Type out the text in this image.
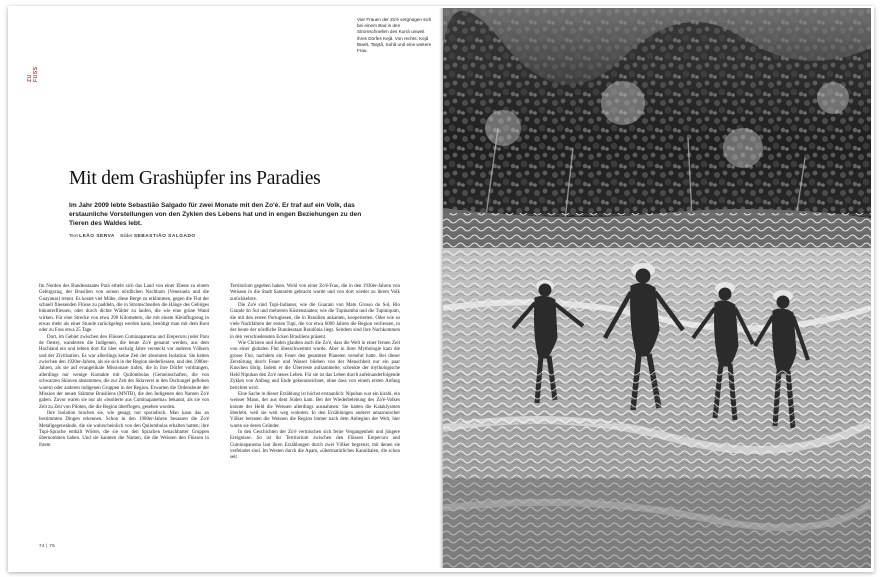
ZU FUSS
Mit dem Grashüpfer ins Paradies

Im Jahr 2009 lebte Sebastião Salgado für zwei Monate mit den Zo'é. Er traf auf ein Volk, das erstaunliche Vorstellungen von den Zyklen des Lebens hat und in engen Beziehungen zu den Tieren des Waldes lebt.

Text LEÃO SERVA Bilder SEBASTIÃO SALGADO

Im Norden des Bundesstaates Pará erhebt sich das Land von einer Ebene zu einem Gebirgszug, der Brasilien von seinen nördlichen Nachbarn (Venezuela und die Guayanas) trennt. Es kostet viel Mühe, diese Berge zu erklimmen, gegen die Flut der schnell fliessenden Flüsse zu paddeln, die in Stromschnellen die Hänge des Gebirges hinunterfliessen, oder durch dichte Wälder zu laufen, die wie eine grüne Wand wirken. Für eine Strecke von etwa 290 Kilometern, die mit einem Kleinflugzeug in etwas mehr als einer Stunde zurückgelegt werden kann, benötigt man mit dem Boot oder zu Fuss etwa 25 Tage.

Dort, im Gebiet zwischen den Flüssen Cuminapanema und Erepecuru (oder Paru de Oeste), wanderten die Indigenen, die heute Zo'é genannt werden, aus dem Hochland ein und lebten dort für über sechzig Jahre versteckt vor anderen Völkern und der Zivilisation. Es war allerdings keine Zeit der absoluten Isolation. Sie hatten zwischen den 1920er-Jahren, als sie sich in der Region niederliessen, und den 1980er-Jahren, als sie auf evangelikale Missionare trafen, die in ihre Dörfer vordrangen, allerdings nur wenige Kontakte mit Quilombolas (Gemeinschaften, die von schwarzen Sklaven abstammen, die zur Zeit der Sklaverei in den Dschungel geflohen waren) oder anderen indigenen Gruppen in der Region. Erwarten die Ordensleute der Mission der neuen Stämme Brasiliens (MNTB), die den Indigenen den Namen Zo'é gaben. Zuvor waren sie nur als «bsolierte aus Cuminapanema» bekannt, als sie von Zeit zu Zeit von Piloten, die die Region überflogen, gesehen wurden.

Ihre Isolation brachen sie, wie gesagt, nur sporadisch. Man kann das an bestimmten Dingen erkennen. Schon in den 1980er-Jahren besassen die Zo'é Metallgegenstände, die sie wahrscheinlich von den Quilombolas erhalten hatten; ihre Tupi-Sprache enthält Wörter, die sie von den Sprachen benachbarter Gruppen übernommen haben. Und sie kannten die Namen, die die Weissen den Flüssen in ihrem

Territorium gegeben haben. Wohl von einer Zo'é-Frau, die in den 1930er-Jahren von Weissen in die Stadt Santarém gebracht wurde und von dort wieder zu ihrem Volk zurückkehrte.

Die Zo'é sind Tupi-Indianer, wie die Guarani von Mato Grosso do Sul, Rio Grande do Sul und mehreren Küstenstaaten; wie die Tupinambá und die Tupiniquim, die mit den ersten Portugiesen, die in Brasilien ankamen, kooperierten. Oder wie so viele Nachfahren der ersten Tupi, die vor etwa 6000 Jahren die Region verliessen, in der heute der nördliche Bundesstaat Rondônia liegt. Seitdem sind ihre Nachkommen in den verschiedensten Ecken Brasiliens präsent.

Wie Christen und Juden glauben auch die Zo'é, dass die Welt in einer fernen Zeit von einer globalen Flut überschwemmt wurde. Aber in ihrer Mythologie kam die grosse Flut, nachdem ein Feuer den gesamten Planeten versehrt hatte. Bei dieser Zerstörung durch Feuer und Wasser blieben von der Menschheit nur ein paar Knochen übrig. Indem er die Überreste aufsammelte, schenkte der mythologische Held Nipuhan den Zo'é neues Leben. Für sie ist das Leben durch aufeinanderfolgende Zyklen von Anfang und Ende gekennzeichnet, ohne dass von einem ersten Anfang berichtet wird.

Eine Sache in dieser Erzählung ist höchst erstaunlich: Nipuhan war ein kirahi, ein weisser Mann, der aus dem Süden kam. Bei der Wiederbelebung des Zo'é-Volkes konnte der Held die Weissen allerdings ausnahmen: Sie hatten die Kataklysmen überlebt, weil sie weit weg wohnten. In den Erzählungen anderer amazonischer Völker betraten die Weissen die Region immer nach dem Anbeginn der Welt, hier waren sie deren Gründer.

In den Geschichten der Zo'é vermischen sich ferne Vergangenheit und jüngere Ereignisse. So ist ihr Territorium zwischen den Flüssen Erepecuru und Cuminapanema laut ihren Erzählungen durch zwei Völker begrenzt, mit denen sie verfeindet sind. Im Westen durch die Apam, «übermatürliches Kannibalen, die schon seit

Vier Frauen der Zo'é vergnügen sich bei einem Bad in den Stromschnellen des Kurrá unweit ihres Dorfes Kejã. Von rechts: Kejã Biwét, Tatytã, Sohã und eine weitere Frau.
74 | 75
